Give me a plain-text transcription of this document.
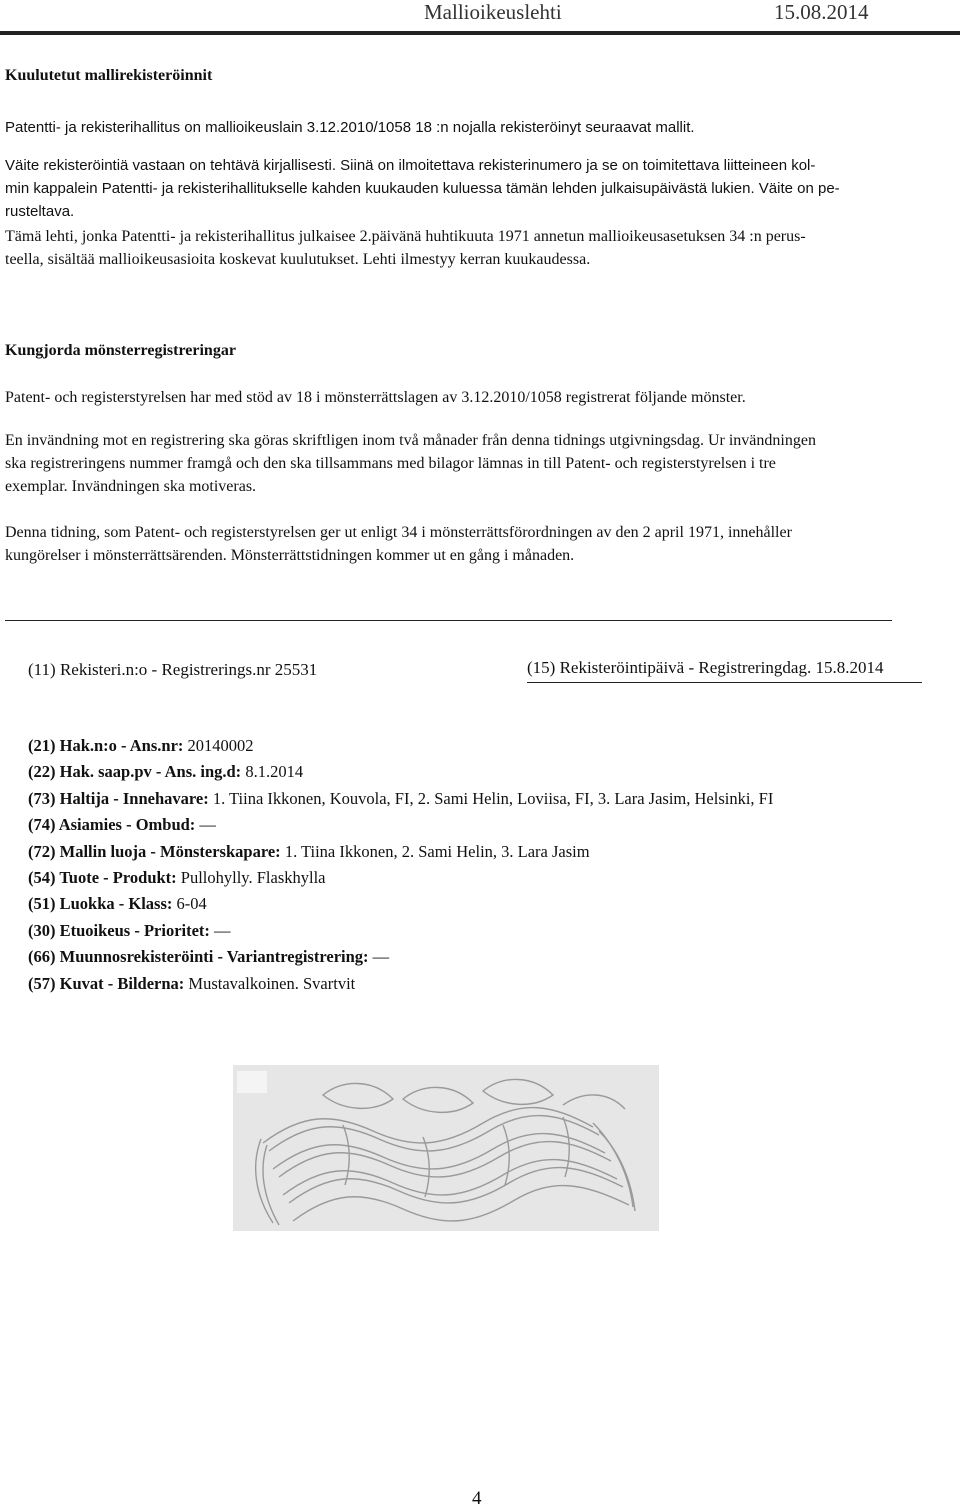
Mallioikeuslehti	15.08.2014
Kuulutetut mallirekisteröinnit
Patentti- ja rekisterihallitus on mallioikeuslain 3.12.2010/1058 18 :n nojalla rekisteröinyt seuraavat mallit.
Väite rekisteröintiä vastaan on tehtävä kirjallisesti. Siinä on ilmoitettava rekisterinumero ja se on toimitettava liitteineen kol-
min kappalein Patentti- ja rekisterihallitukselle kahden kuukauden kuluessa tämän lehden julkaisupäivästä lukien. Väite on pe-
rusteltava.
Tämä lehti, jonka Patentti- ja rekisterihallitus julkaisee 2.päivänä huhtikuuta 1971 annetun mallioikeusasetuksen 34 :n perus-
teella, sisältää mallioikeusasioita koskevat kuulutukset. Lehti ilmestyy kerran kuukaudessa.
Kungjorda mönsterregistreringar
Patent- och registerstyrelsen har med stöd av 18 i mönsterrättslagen av 3.12.2010/1058 registrerat följande mönster.
En invändning mot en registrering ska göras skriftligen inom två månader från denna tidnings utgivningsdag. Ur invändningen
ska registreringens nummer framgå och den ska tillsammans med bilagor lämnas in till Patent- och registerstyrelsen i tre
exemplar. Invändningen ska motiveras.
Denna tidning, som Patent- och registerstyrelsen ger ut enligt 34 i mönsterrättsförordningen av den 2 april 1971, innehåller
kungörelser i mönsterrättsärenden. Mönsterrättstidningen kommer ut en gång i månaden.
(11) Rekisteri.n:o - Registrerings.nr 25531	(15) Rekisteröintipäivä - Registreringdag. 15.8.2014
(21) Hak.n:o - Ans.nr: 20140002
(22) Hak. saap.pv - Ans. ing.d: 8.1.2014
(73) Haltija - Innehavare: 1. Tiina Ikkonen, Kouvola, FI, 2. Sami Helin, Loviisa, FI, 3. Lara Jasim, Helsinki, FI
(74) Asiamies - Ombud: —
(72) Mallin luoja - Mönsterskapare: 1. Tiina Ikkonen, 2. Sami Helin, 3. Lara Jasim
(54) Tuote - Produkt: Pullohylly. Flaskhylla
(51) Luokka - Klass: 6-04
(30) Etuoikeus - Prioritet: —
(66) Muunnosrekisteröinti - Variantregistrering: —
(57) Kuvat - Bilderna: Mustavalkoinen. Svartvit
4
